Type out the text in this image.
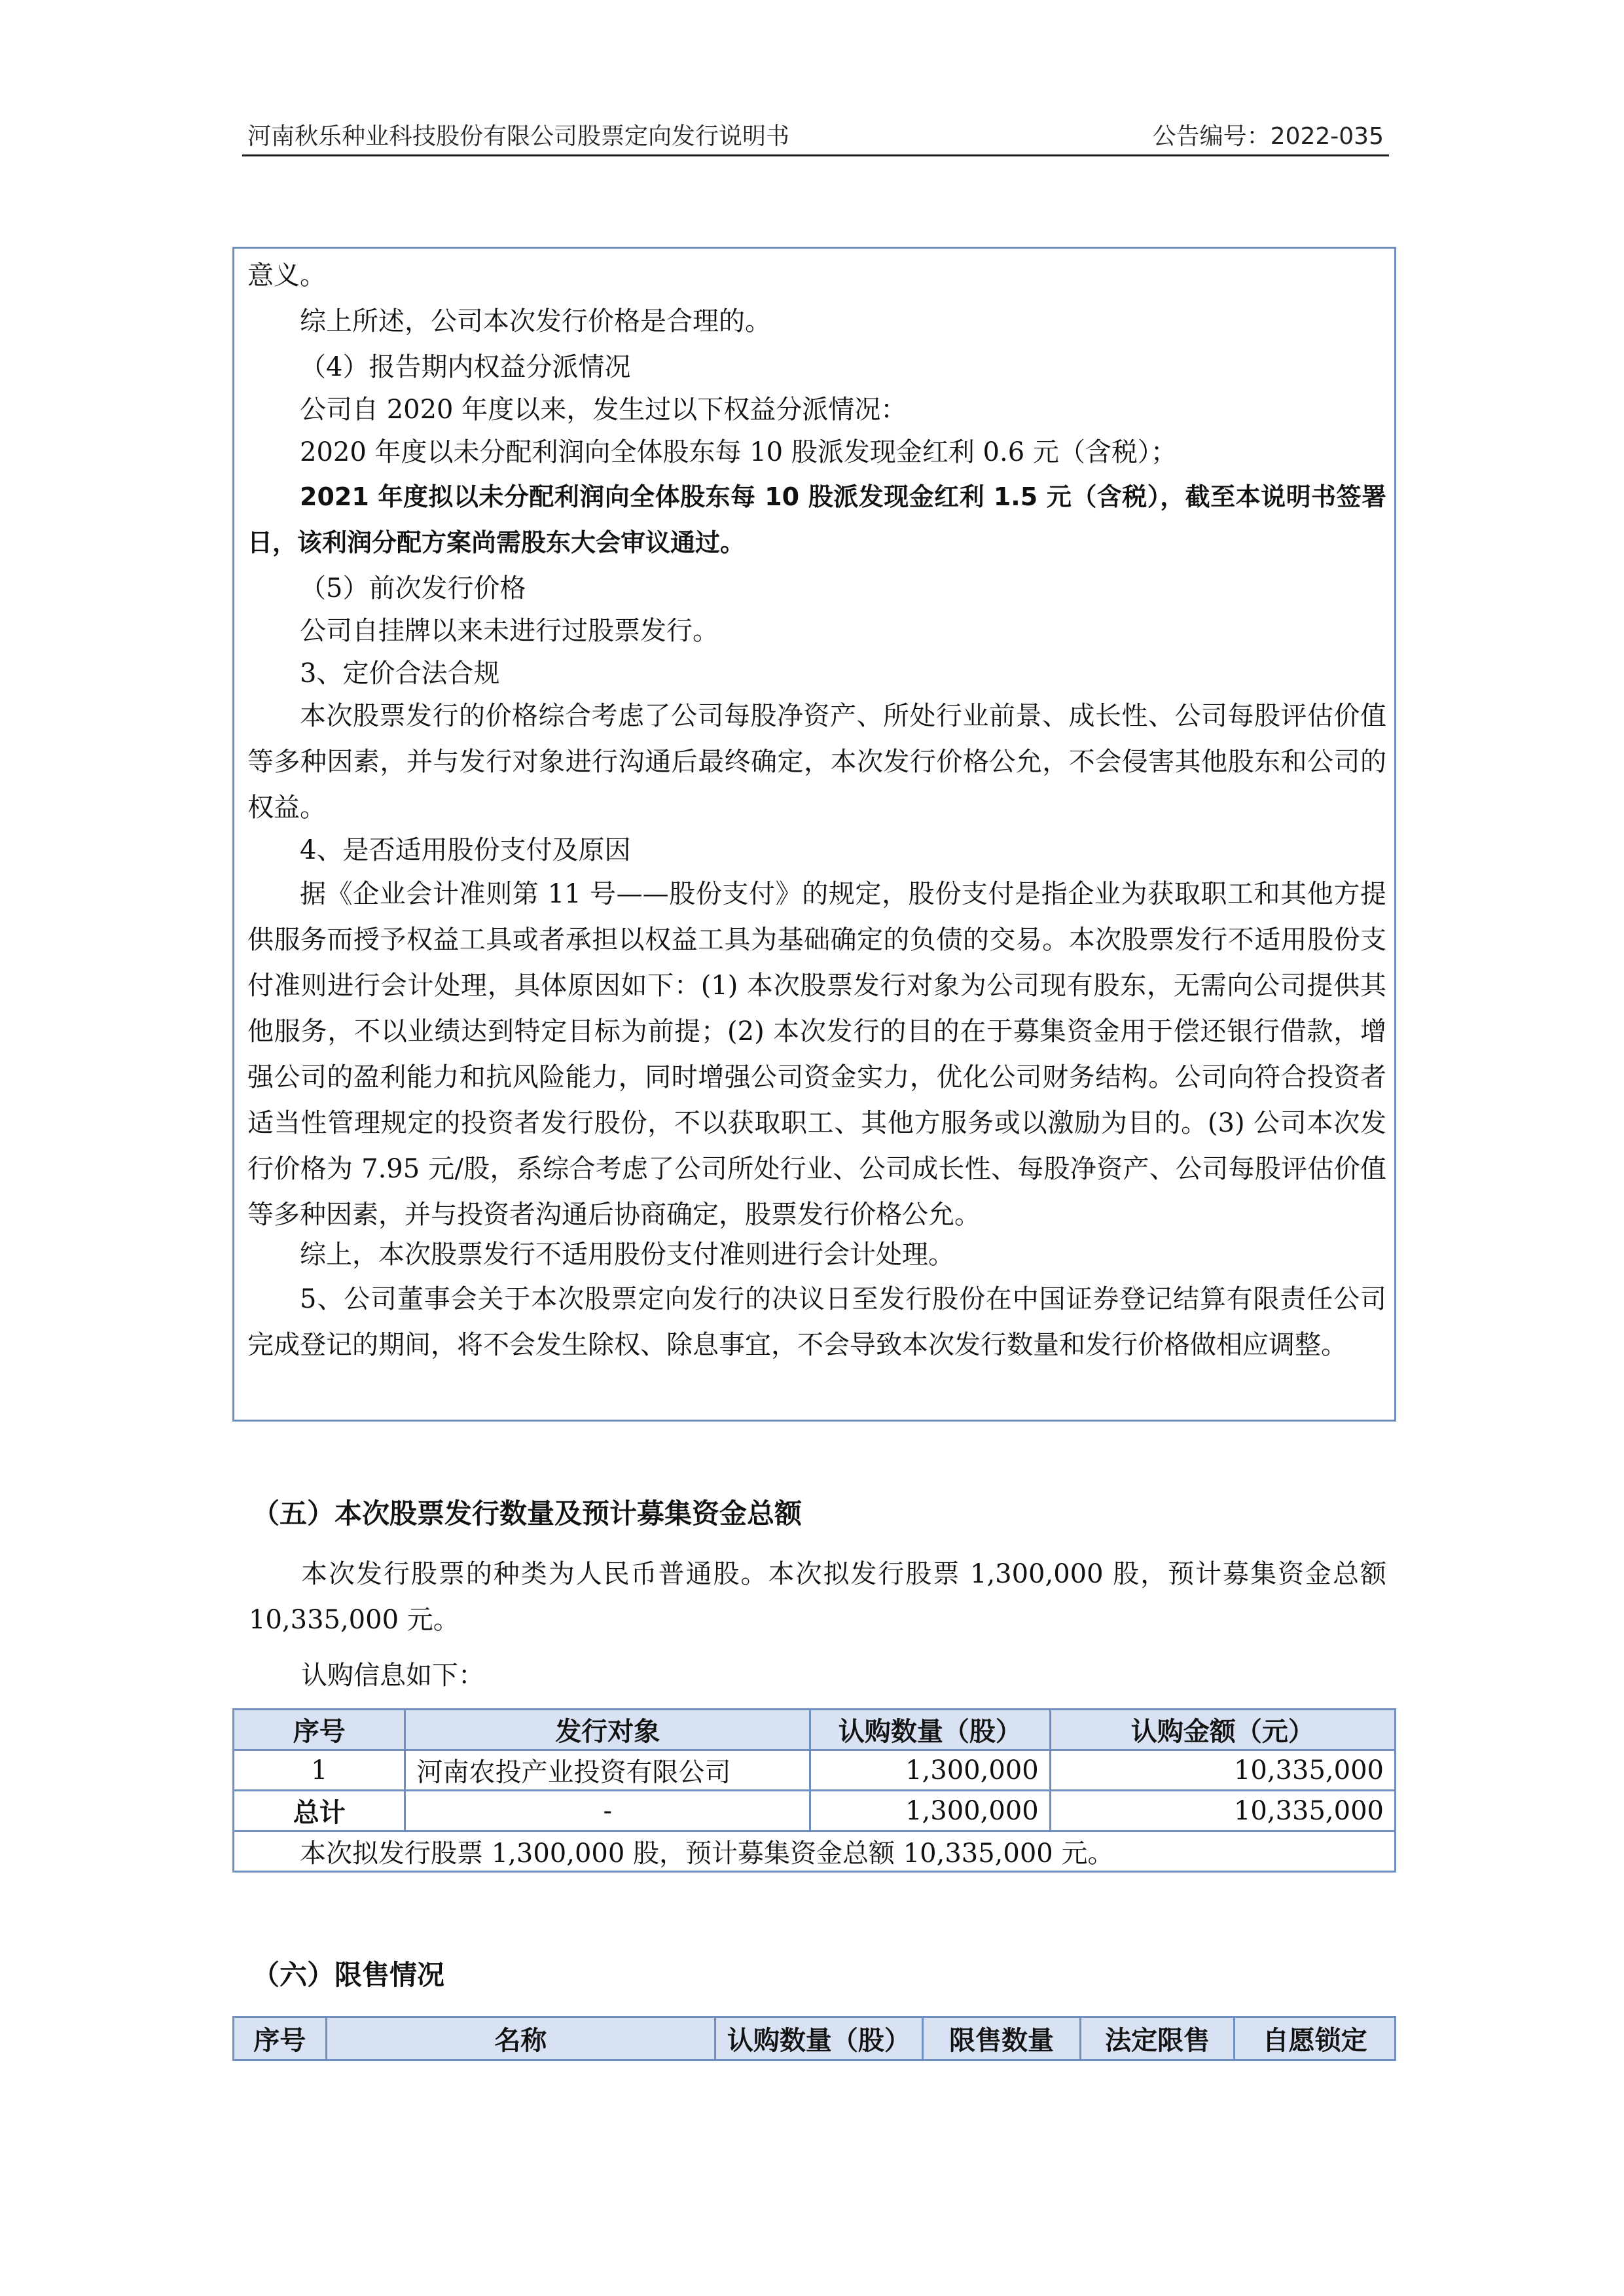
河南秋乐种业科技股份有限公司股票定向发行说明书	公告编号：2022-035
意义。
综上所述，公司本次发行价格是合理的。
（4）报告期内权益分派情况
公司自 2020 年度以来，发生过以下权益分派情况：
2020 年度以未分配利润向全体股东每 10 股派发现金红利 0.6 元（含税）；
2021 年度拟以未分配利润向全体股东每 10 股派发现金红利 1.5 元（含税），截至本说明书签署日，该利润分配方案尚需股东大会审议通过。
（5）前次发行价格
公司自挂牌以来未进行过股票发行。
3、定价合法合规
本次股票发行的价格综合考虑了公司每股净资产、所处行业前景、成长性、公司每股评估价值等多种因素，并与发行对象进行沟通后最终确定，本次发行价格公允，不会侵害其他股东和公司的权益。
4、是否适用股份支付及原因
据《企业会计准则第 11 号——股份支付》的规定，股份支付是指企业为获取职工和其他方提供服务而授予权益工具或者承担以权益工具为基础确定的负债的交易。本次股票发行不适用股份支付准则进行会计处理，具体原因如下：(1) 本次股票发行对象为公司现有股东，无需向公司提供其他服务，不以业绩达到特定目标为前提；(2) 本次发行的目的在于募集资金用于偿还银行借款，增强公司的盈利能力和抗风险能力，同时增强公司资金实力，优化公司财务结构。公司向符合投资者适当性管理规定的投资者发行股份，不以获取职工、其他方服务或以激励为目的。(3) 公司本次发行价格为 7.95 元/股，系综合考虑了公司所处行业、公司成长性、每股净资产、公司每股评估价值等多种因素，并与投资者沟通后协商确定，股票发行价格公允。
综上，本次股票发行不适用股份支付准则进行会计处理。
5、公司董事会关于本次股票定向发行的决议日至发行股份在中国证券登记结算有限责任公司完成登记的期间，将不会发生除权、除息事宜，不会导致本次发行数量和发行价格做相应调整。
（五）本次股票发行数量及预计募集资金总额
本次发行股票的种类为人民币普通股。本次拟发行股票 1,300,000 股，预计募集资金总额 10,335,000 元。
认购信息如下：
序号	发行对象	认购数量（股）	认购金额（元）
1	河南农投产业投资有限公司	1,300,000	10,335,000
总计	-	1,300,000	10,335,000
本次拟发行股票 1,300,000 股，预计募集资金总额 10,335,000 元。			
（六）限售情况
序号	名称	认购数量（股）	限售数量	法定限售	自愿锁定
